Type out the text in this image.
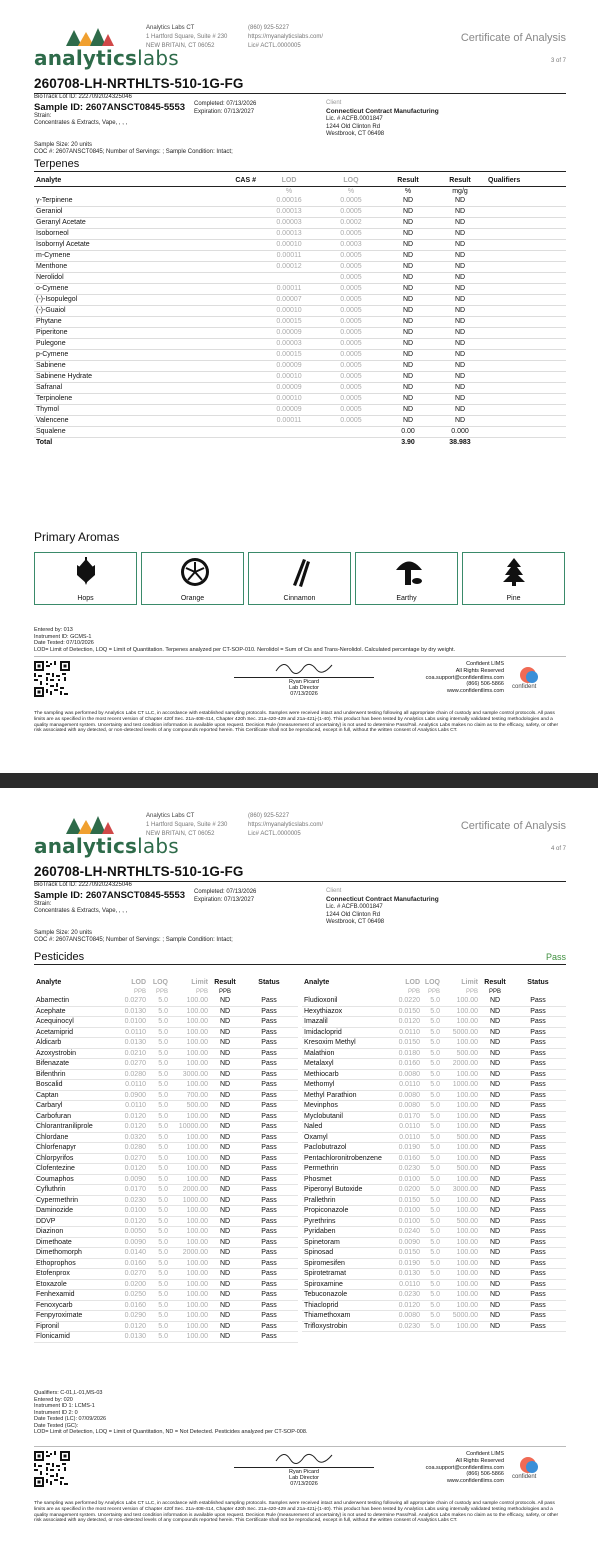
analyticslabs
Analytics Labs CT
1 Hartford Square, Suite # 230
NEW BRITAIN, CT 06052
(860) 925-5227
https://myanalyticslabs.com/
Lic# ACTL.0000005
Certificate of Analysis
3 of 7
260708-LH-NRTHLTS-510-1G-FG
BioTrack Lot ID: 2227092024325046
Sample ID: 2607ANSCT0845-5553
Strain:
Concentrates & Extracts, Vape, , , ,
Completed: 07/13/2026
Expiration: 07/13/2027
Client
Connecticut Contract Manufacturing
Lic. # ACFB.0001847
1244 Old Clinton Rd
Westbrook, CT 06498
Sample Size: 20 units
COC #: 2607ANSCT0845; Number of Servings: ; Sample Condition: Intact;
Terpenes
Analyte	CAS #	LOD	LOQ	Result	Result	Qualifiers
		%	%	%	mg/g	
γ-Terpinene		0.00016	0.0005	ND	ND	
Geraniol		0.00013	0.0005	ND	ND	
Geranyl Acetate		0.00003	0.0002	ND	ND	
Isoborneol		0.00013	0.0005	ND	ND	
Isobornyl Acetate		0.00010	0.0003	ND	ND	
m-Cymene		0.00011	0.0005	ND	ND	
Menthone		0.00012	0.0005	ND	ND	
Nerolidol			0.0005	ND	ND	
o-Cymene		0.00011	0.0005	ND	ND	
(-)-Isopulegol		0.00007	0.0005	ND	ND	
(-)-Guaiol		0.00010	0.0005	ND	ND	
Phytane		0.00015	0.0005	ND	ND	
Piperitone		0.00009	0.0005	ND	ND	
Pulegone		0.00003	0.0005	ND	ND	
p-Cymene		0.00015	0.0005	ND	ND	
Sabinene		0.00009	0.0005	ND	ND	
Sabinene Hydrate		0.00010	0.0005	ND	ND	
Safranal		0.00009	0.0005	ND	ND	
Terpinolene		0.00010	0.0005	ND	ND	
Thymol		0.00009	0.0005	ND	ND	
Valencene		0.00011	0.0005	ND	ND	
Squalene				0.00	0.000	
Total				3.90	38.983	
Primary Aromas
Hops	Orange	Cinnamon	Earthy	Pine
Entered by: 013
Instrument ID: GCMS-1
Date Tested: 07/10/2026
LOD= Limit of Detection, LOQ = Limit of Quantitation. Terpenes analyzed per CT-SOP-010. Nerolidol = Sum of Cis and Trans-Nerolidol. Calculated percentage by dry weight.
Ryan Picard
Lab Director
07/13/2026
Confident LIMS
All Rights Reserved
coa.support@confidentlims.com
(866) 506-5866
www.confidentlims.com
confident
The sampling was performed by Analytics Labs CT LLC, in accordance with established sampling protocols. Samples were received intact and underwent testing following all appropriate chain of custody and sample control protocols. All pass limits are as specified in the most recent version of Chapter 420f Sec. 21a-408-414, Chapter 420h Sec. 21a-420-429 and 21a-421j-(1-40). This product has been tested by Analytics Labs using internally validated testing methodologies and a quality management system. Uncertainty and test condition information is available upon request. Decision Rule (measurement of uncertainty) is not used to determine Pass/Fail. Analytics Labs makes no claim as to the efficacy, safety, or other risk associated with any detected, or non-detected levels of any compounds reported herein. This Certificate shall not be reproduced, except in full, without the written consent of Analytics Labs CT.
analyticslabs
Analytics Labs CT
1 Hartford Square, Suite # 230
NEW BRITAIN, CT 06052
(860) 925-5227
https://myanalyticslabs.com/
Lic# ACTL.0000005
Certificate of Analysis
4 of 7
260708-LH-NRTHLTS-510-1G-FG
BioTrack Lot ID: 2227092024325046
Sample ID: 2607ANSCT0845-5553
Strain:
Concentrates & Extracts, Vape, , , ,
Completed: 07/13/2026
Expiration: 07/13/2027
Client
Connecticut Contract Manufacturing
Lic. # ACFB.0001847
1244 Old Clinton Rd
Westbrook, CT 06498
Sample Size: 20 units
COC #: 2607ANSCT0845; Number of Servings: ; Sample Condition: Intact;
Pesticides	Pass
Analyte	LOD	LOQ	Limit	Result	Status
	PPB	PPB	PPB	PPB	
Abamectin	0.0270	5.0	100.00	ND	Pass
Acephate	0.0130	5.0	100.00	ND	Pass
Acequinocyl	0.0100	5.0	100.00	ND	Pass
Acetamiprid	0.0110	5.0	100.00	ND	Pass
Aldicarb	0.0130	5.0	100.00	ND	Pass
Azoxystrobin	0.0210	5.0	100.00	ND	Pass
Bifenazate	0.0270	5.0	100.00	ND	Pass
Bifenthrin	0.0280	5.0	3000.00	ND	Pass
Boscalid	0.0110	5.0	100.00	ND	Pass
Captan	0.0900	5.0	700.00	ND	Pass
Carbaryl	0.0110	5.0	500.00	ND	Pass
Carbofuran	0.0120	5.0	100.00	ND	Pass
Chlorantraniliprole	0.0120	5.0	10000.00	ND	Pass
Chlordane	0.0320	5.0	100.00	ND	Pass
Chlorfenapyr	0.0280	5.0	100.00	ND	Pass
Chlorpyrifos	0.0270	5.0	100.00	ND	Pass
Clofentezine	0.0120	5.0	100.00	ND	Pass
Coumaphos	0.0090	5.0	100.00	ND	Pass
Cyfluthrin	0.0170	5.0	2000.00	ND	Pass
Cypermethrin	0.0230	5.0	1000.00	ND	Pass
Daminozide	0.0100	5.0	100.00	ND	Pass
DDVP	0.0120	5.0	100.00	ND	Pass
Diazinon	0.0050	5.0	100.00	ND	Pass
Dimethoate	0.0090	5.0	100.00	ND	Pass
Dimethomorph	0.0140	5.0	2000.00	ND	Pass
Ethoprophos	0.0160	5.0	100.00	ND	Pass
Etofenprox	0.0270	5.0	100.00	ND	Pass
Etoxazole	0.0200	5.0	100.00	ND	Pass
Fenhexamid	0.0250	5.0	100.00	ND	Pass
Fenoxycarb	0.0160	5.0	100.00	ND	Pass
Fenpyroximate	0.0290	5.0	100.00	ND	Pass
Fipronil	0.0120	5.0	100.00	ND	Pass
Flonicamid	0.0130	5.0	100.00	ND	Pass
Analyte	LOD	LOQ	Limit	Result	Status
	PPB	PPB	PPB	PPB	
Fludioxonil	0.0220	5.0	100.00	ND	Pass
Hexythiazox	0.0150	5.0	100.00	ND	Pass
Imazalil	0.0120	5.0	100.00	ND	Pass
Imidacloprid	0.0110	5.0	5000.00	ND	Pass
Kresoxim Methyl	0.0150	5.0	100.00	ND	Pass
Malathion	0.0180	5.0	500.00	ND	Pass
Metalaxyl	0.0160	5.0	2000.00	ND	Pass
Methiocarb	0.0080	5.0	100.00	ND	Pass
Methomyl	0.0110	5.0	1000.00	ND	Pass
Methyl Parathion	0.0080	5.0	100.00	ND	Pass
Mevinphos	0.0080	5.0	100.00	ND	Pass
Myclobutanil	0.0170	5.0	100.00	ND	Pass
Naled	0.0110	5.0	100.00	ND	Pass
Oxamyl	0.0110	5.0	500.00	ND	Pass
Paclobutrazol	0.0190	5.0	100.00	ND	Pass
Pentachloronitrobenzene	0.0160	5.0	100.00	ND	Pass
Permethrin	0.0230	5.0	500.00	ND	Pass
Phosmet	0.0100	5.0	100.00	ND	Pass
Piperonyl Butoxide	0.0200	5.0	3000.00	ND	Pass
Prallethrin	0.0150	5.0	100.00	ND	Pass
Propiconazole	0.0100	5.0	100.00	ND	Pass
Pyrethrins	0.0100	5.0	500.00	ND	Pass
Pyridaben	0.0240	5.0	100.00	ND	Pass
Spinetoram	0.0090	5.0	100.00	ND	Pass
Spinosad	0.0150	5.0	100.00	ND	Pass
Spiromesifen	0.0190	5.0	100.00	ND	Pass
Spirotetramat	0.0130	5.0	100.00	ND	Pass
Spiroxamine	0.0110	5.0	100.00	ND	Pass
Tebuconazole	0.0230	5.0	100.00	ND	Pass
Thiacloprid	0.0120	5.0	100.00	ND	Pass
Thiamethoxam	0.0080	5.0	5000.00	ND	Pass
Trifloxystrobin	0.0230	5.0	100.00	ND	Pass
Qualifiers: C-01,L-01,MS-03
Entered by: 020
Instrument ID 1: LCMS-1
Instrument ID 2: 0
Date Tested (LC): 07/09/2026
Date Tested (GC):
LOD= Limit of Detection, LOQ = Limit of Quantitation, ND = Not Detected. Pesticides analyzed per CT-SOP-008.
Ryan Picard
Lab Director
07/13/2026
Confident LIMS
All Rights Reserved
coa.support@confidentlims.com
(866) 506-5866
www.confidentlims.com
confident
The sampling was performed by Analytics Labs CT LLC, in accordance with established sampling protocols. Samples were received intact and underwent testing following all appropriate chain of custody and sample control protocols. All pass limits are as specified in the most recent version of Chapter 420f Sec. 21a-408-414, Chapter 420h Sec. 21a-420-429 and 21a-421j-(1-40). This product has been tested by Analytics Labs using internally validated testing methodologies and a quality management system. Uncertainty and test condition information is available upon request. Decision Rule (measurement of uncertainty) is not used to determine Pass/Fail. Analytics Labs makes no claim as to the efficacy, safety, or other risk associated with any detected, or non-detected levels of any compounds reported herein. This Certificate shall not be reproduced, except in full, without the written consent of Analytics Labs CT.
